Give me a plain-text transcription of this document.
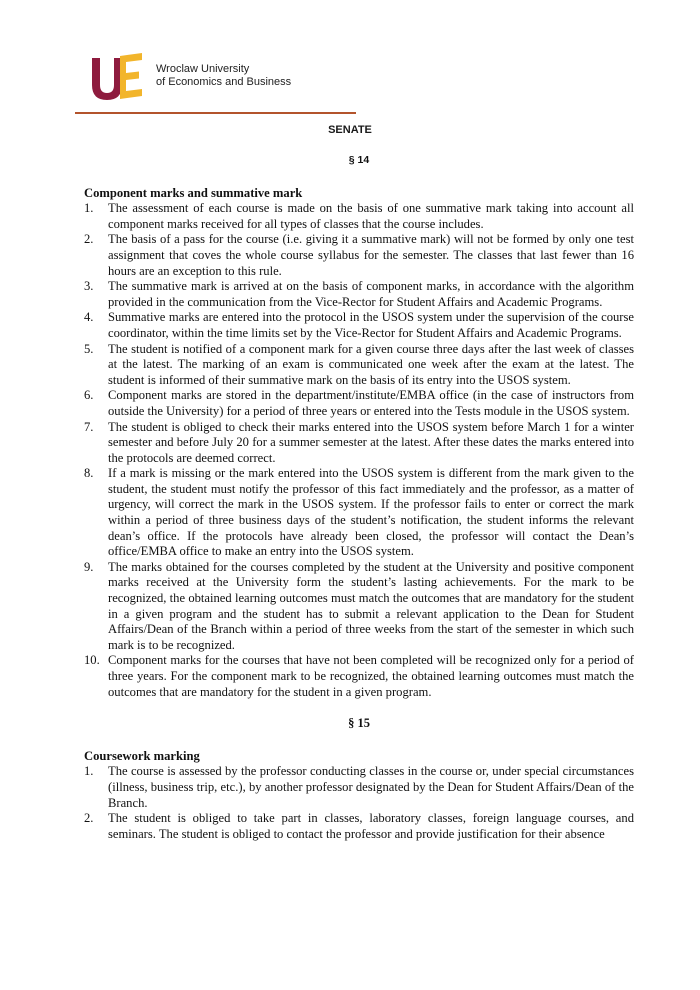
Wroclaw University
of Economics and Business
SENATE
§ 14
Component marks and summative mark
1. The assessment of each course is made on the basis of one summative mark taking into account all component marks received for all types of classes that the course includes.
2. The basis of a pass for the course (i.e. giving it a summative mark) will not be formed by only one test assignment that coves the whole course syllabus for the semester. The classes that last fewer than 16 hours are an exception to this rule.
3. The summative mark is arrived at on the basis of component marks, in accordance with the algorithm provided in the communication from the Vice-Rector for Student Affairs and Academic Programs.
4. Summative marks are entered into the protocol in the USOS system under the supervision of the course coordinator, within the time limits set by the Vice-Rector for Student Affairs and Academic Programs.
5. The student is notified of a component mark for a given course three days after the last week of classes at the latest. The marking of an exam is communicated one week after the exam at the latest. The student is informed of their summative mark on the basis of its entry into the USOS system.
6. Component marks are stored in the department/institute/EMBA office (in the case of instructors from outside the University) for a period of three years or entered into the Tests module in the USOS system.
7. The student is obliged to check their marks entered into the USOS system before March 1 for a winter semester and before July 20 for a summer semester at the latest. After these dates the marks entered into the protocols are deemed correct.
8. If a mark is missing or the mark entered into the USOS system is different from the mark given to the student, the student must notify the professor of this fact immediately and the professor, as a matter of urgency, will correct the mark in the USOS system. If the professor fails to enter or correct the mark within a period of three business days of the student’s notification, the student informs the relevant dean’s office. If the protocols have already been closed, the professor will contact the Dean’s office/EMBA office to make an entry into the USOS system.
9. The marks obtained for the courses completed by the student at the University and positive component marks received at the University form the student’s lasting achievements. For the mark to be recognized, the obtained learning outcomes must match the outcomes that are mandatory for the student in a given program and the student has to submit a relevant application to the Dean for Student Affairs/Dean of the Branch within a period of three weeks from the start of the semester in which such mark is to be recognized.
10. Component marks for the courses that have not been completed will be recognized only for a period of three years. For the component mark to be recognized, the obtained learning outcomes must match the outcomes that are mandatory for the student in a given program.
§ 15
Coursework marking
1. The course is assessed by the professor conducting classes in the course or, under special circumstances (illness, business trip, etc.), by another professor designated by the Dean for Student Affairs/Dean of the Branch.
2. The student is obliged to take part in classes, laboratory classes, foreign language courses, and seminars. The student is obliged to contact the professor and provide justification for their absence
